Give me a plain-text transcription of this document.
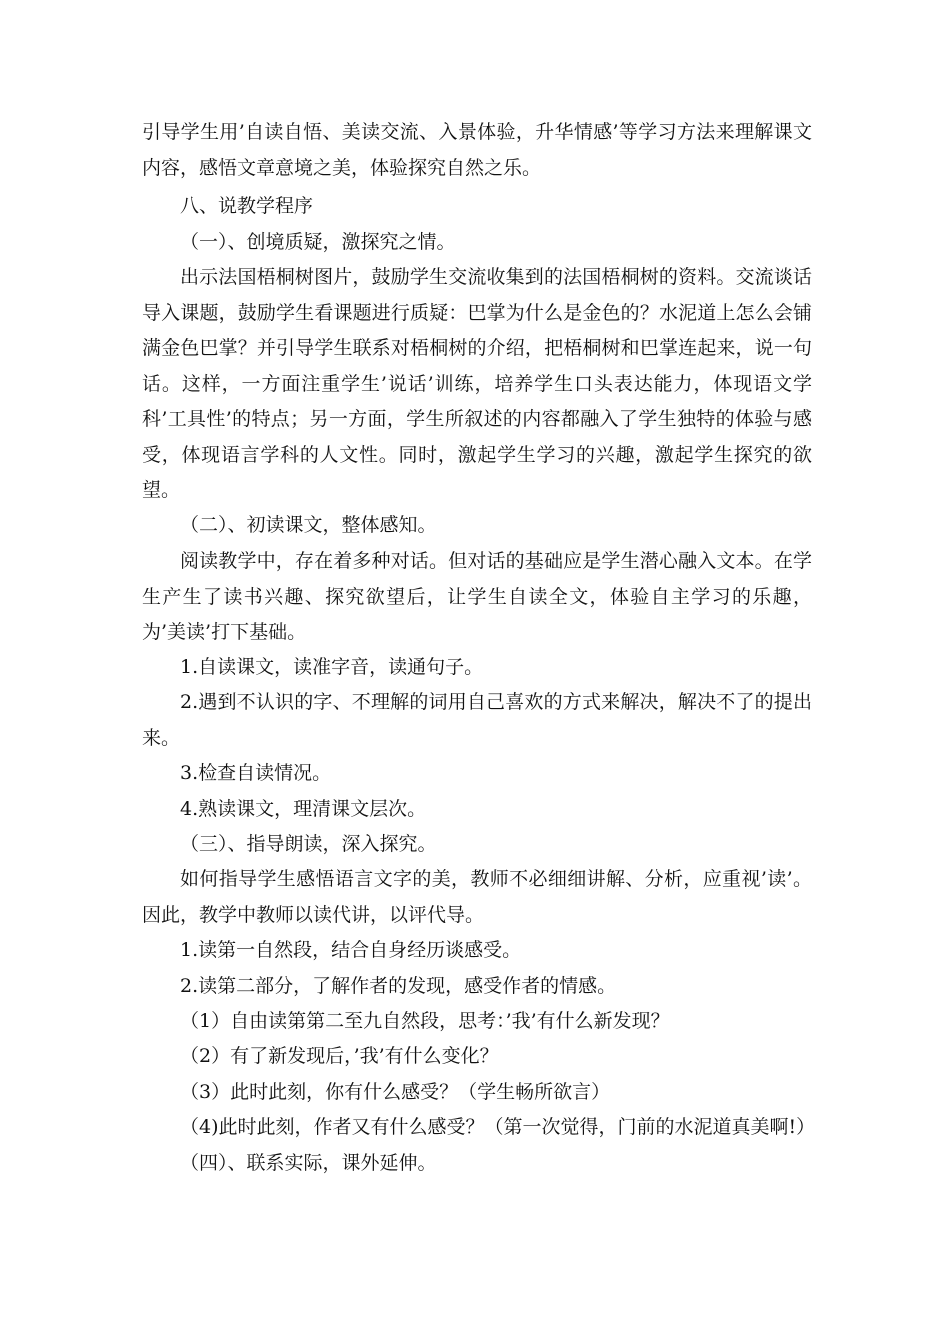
引导学生用’自读自悟、美读交流、入景体验，升华情感’等学习方法来理解课文内容，感悟文章意境之美，体验探究自然之乐。

八、说教学程序

（一）、创境质疑，激探究之情。

出示法国梧桐树图片，鼓励学生交流收集到的法国梧桐树的资料。交流谈话导入课题，鼓励学生看课题进行质疑：巴掌为什么是金色的？水泥道上怎么会铺满金色巴掌？并引导学生联系对梧桐树的介绍，把梧桐树和巴掌连起来，说一句话。这样，一方面注重学生’说话’训练，培养学生口头表达能力，体现语文学科’工具性’的特点；另一方面，学生所叙述的内容都融入了学生独特的体验与感受，体现语言学科的人文性。同时，激起学生学习的兴趣，激起学生探究的欲望。

（二）、初读课文，整体感知。

阅读教学中，存在着多种对话。但对话的基础应是学生潜心融入文本。在学生产生了读书兴趣、探究欲望后，让学生自读全文，体验自主学习的乐趣，为’美读’打下基础。

1.自读课文，读准字音，读通句子。

2.遇到不认识的字、不理解的词用自己喜欢的方式来解决，解决不了的提出来。

3.检查自读情况。

4.熟读课文，理清课文层次。

（三）、指导朗读，深入探究。

如何指导学生感悟语言文字的美，教师不必细细讲解、分析，应重视’读’。因此，教学中教师以读代讲，以评代导。

1.读第一自然段，结合自身经历谈感受。

2.读第二部分，了解作者的发现，感受作者的情感。

（1）自由读第第二至九自然段，思考：’我’有什么新发现？

（2）有了新发现后，’我’有什么变化？

（3）此时此刻，你有什么感受？（学生畅所欲言）

（4)此时此刻，作者又有什么感受？（第一次觉得，门前的水泥道真美啊!）

（四）、联系实际，课外延伸。
